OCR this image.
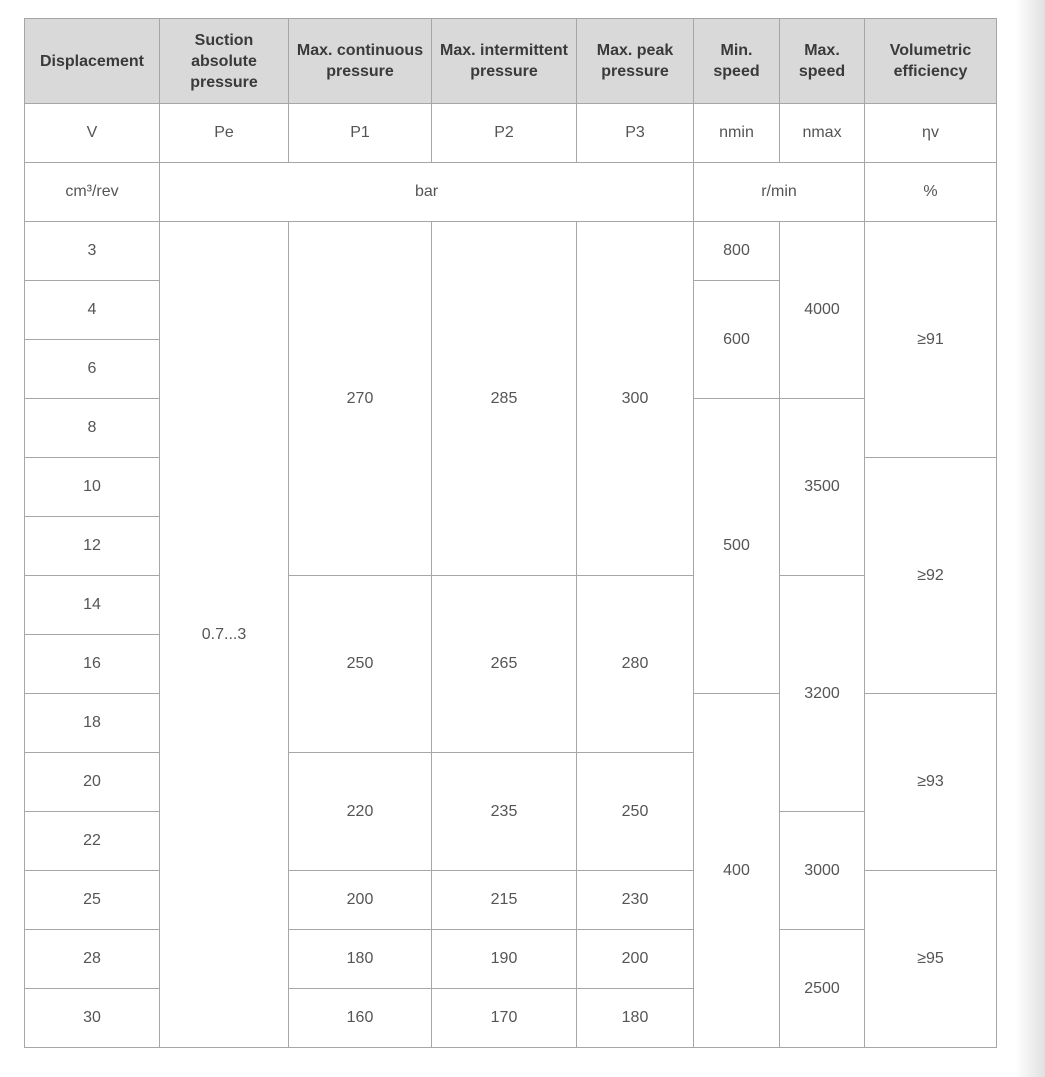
Displacement	Suction absolute pressure	Max. continuous pressure	Max. intermittent pressure	Max. peak pressure	Min. speed	Max. speed	Volumetric efficiency
V	Pe	P1	P2	P3	nmin	nmax	ηv
cm³/rev	bar				r/min		%
3	0.7...3	270	285	300	800	4000	≥91
4					600		
6							
8					500	3500	
10							≥92
12							
14		250	265	280		3200	
16							
18					400		≥93
20		220	235	250			
22						3000	
25		200	215	230			≥95
28		180	190	200		2500	
30		160	170	180			
